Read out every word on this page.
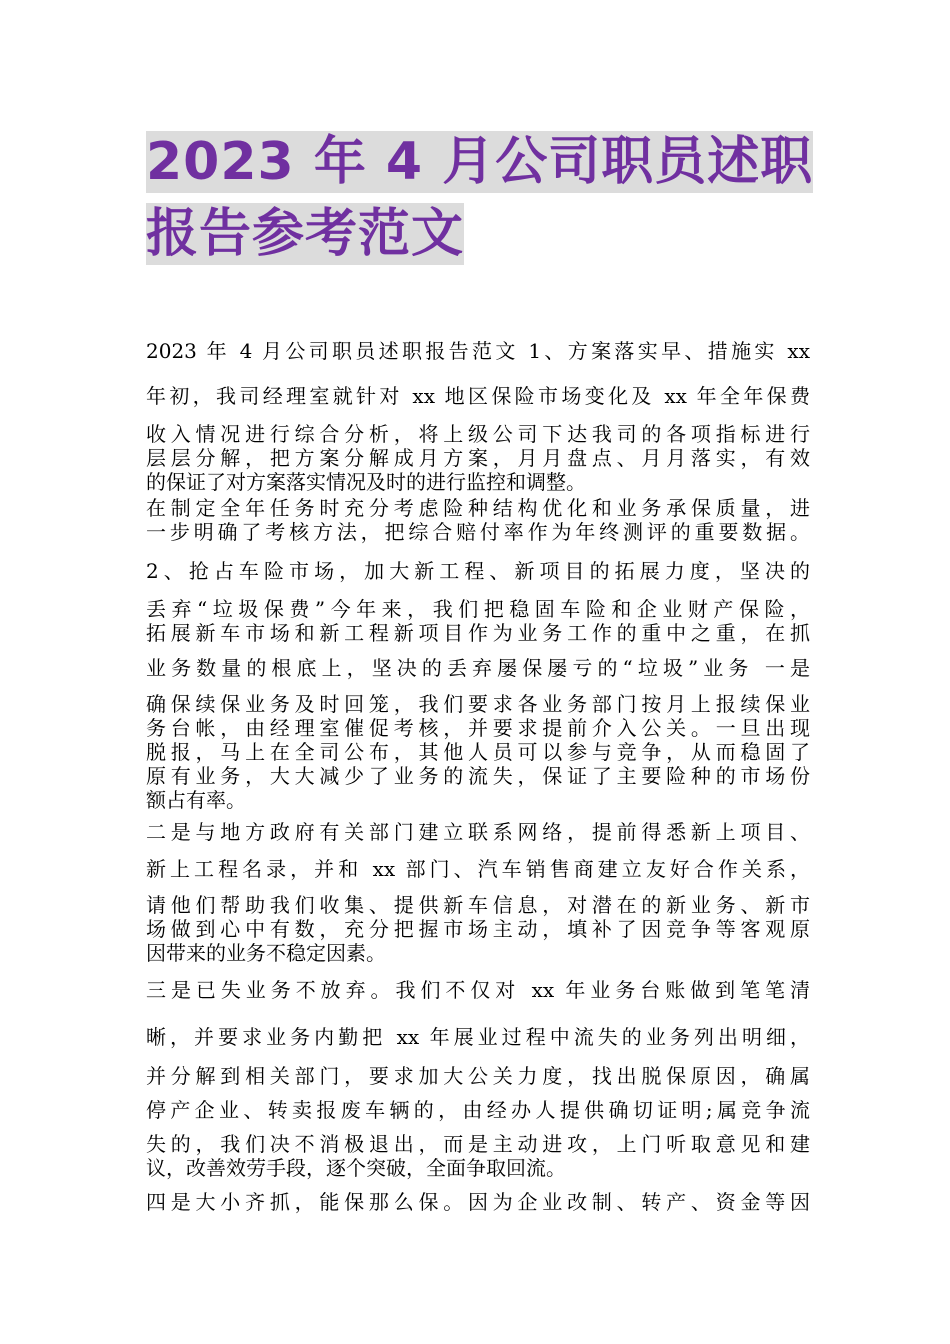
2023 年 4 月公司职员述职
报告参考范文
2023 年 4 月公司职员述职报告范文 1、方案落实早、措施实 xx
年初，我司经理室就针对 xx 地区保险市场变化及 xx 年全年保费
收入情况进行综合分析，将上级公司下达我司的各项指标进行
层层分解，把方案分解成月方案，月月盘点、月月落实，有效
的保证了对方案落实情况及时的进行监控和调整。
在制定全年任务时充分考虑险种结构优化和业务承保质量，进
一步明确了考核方法，把综合赔付率作为年终测评的重要数据。
2、抢占车险市场，加大新工程、新项目的拓展力度，坚决的
丢弃“垃圾保费”今年来，我们把稳固车险和企业财产保险，
拓展新车市场和新工程新项目作为业务工作的重中之重，在抓
业务数量的根底上，坚决的丢弃屡保屡亏的“垃圾”业务 一是
确保续保业务及时回笼，我们要求各业务部门按月上报续保业
务台帐，由经理室催促考核，并要求提前介入公关。一旦出现
脱报，马上在全司公布，其他人员可以参与竞争，从而稳固了
原有业务，大大减少了业务的流失，保证了主要险种的市场份
额占有率。
二是与地方政府有关部门建立联系网络，提前得悉新上项目、
新上工程名录，并和 xx 部门、汽车销售商建立友好合作关系，
请他们帮助我们收集、提供新车信息，对潜在的新业务、新市
场做到心中有数，充分把握市场主动，填补了因竞争等客观原
因带来的业务不稳定因素。
三是已失业务不放弃。我们不仅对 xx 年业务台账做到笔笔清
晰，并要求业务内勤把 xx 年展业过程中流失的业务列出明细，
并分解到相关部门，要求加大公关力度，找出脱保原因，确属
停产企业、转卖报废车辆的，由经办人提供确切证明;属竞争流
失的，我们决不消极退出，而是主动进攻，上门听取意见和建
议，改善效劳手段，逐个突破，全面争取回流。
四是大小齐抓，能保那么保。因为企业改制、转产、资金等因
